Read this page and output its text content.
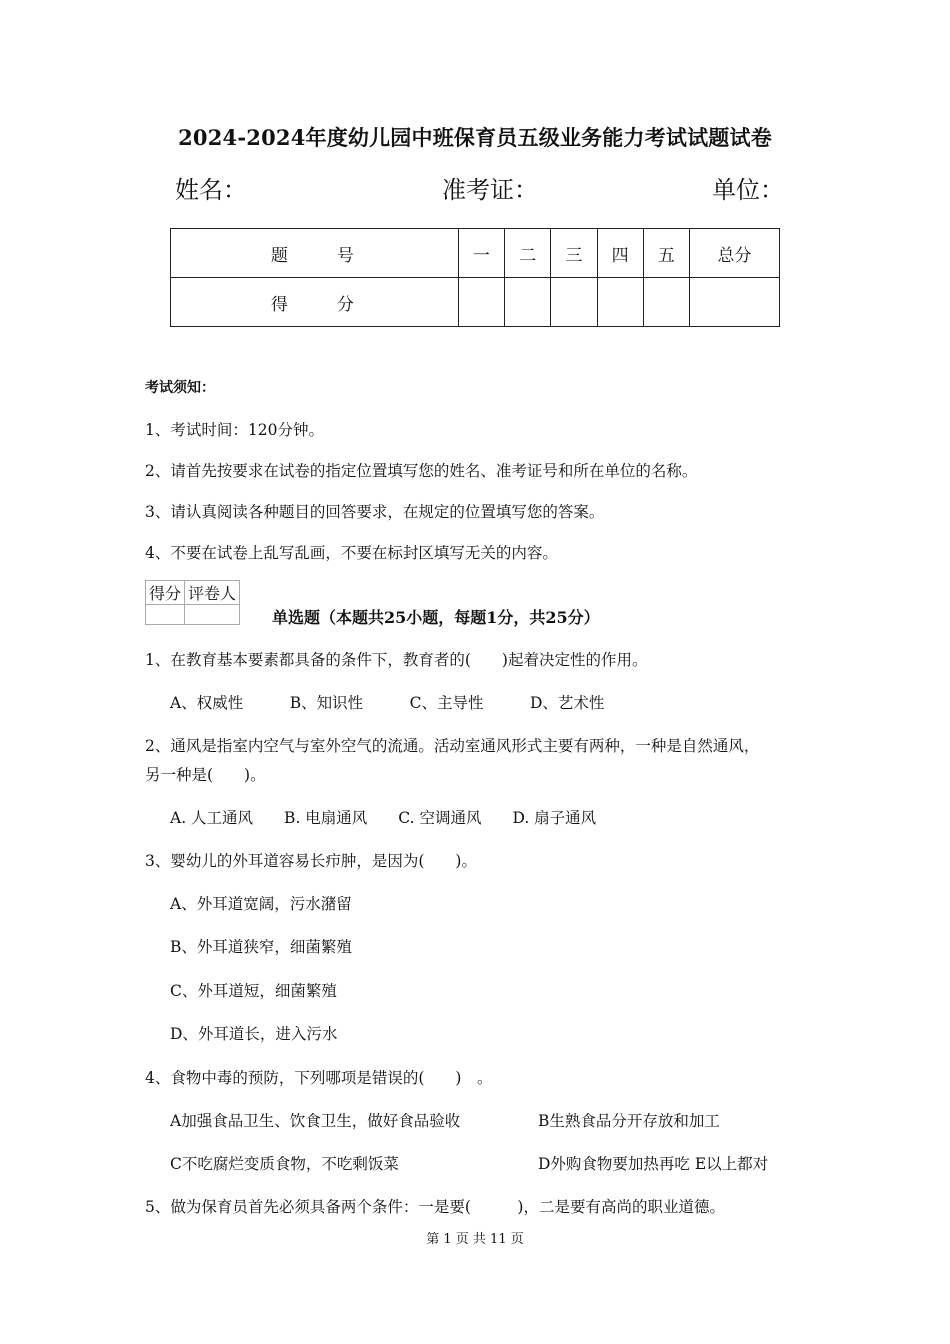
2024-2024年度幼儿园中班保育员五级业务能力考试试题试卷
姓名：	准考证：	单位：
题　号	一	二	三	四	五	总分
得　分						
考试须知：
1、考试时间：120分钟。
2、请首先按要求在试卷的指定位置填写您的姓名、准考证号和所在单位的名称。
3、请认真阅读各种题目的回答要求，在规定的位置填写您的答案。
4、不要在试卷上乱写乱画，不要在标封区填写无关的内容。
得分	评卷人

单选题（本题共25小题，每题1分，共25分）
1、在教育基本要素都具备的条件下，教育者的(　　)起着决定性的作用。
A、权威性　　　B、知识性　　　C、主导性　　　D、艺术性
2、通风是指室内空气与室外空气的流通。活动室通风形式主要有两种，一种是自然通风，
另一种是(　　)。
A. 人工通风　　B. 电扇通风　　C. 空调通风　　D. 扇子通风
3、婴幼儿的外耳道容易长疖肿，是因为(　　)。
A、外耳道宽阔，污水潴留
B、外耳道狭窄，细菌繁殖
C、外耳道短，细菌繁殖
D、外耳道长，进入污水
4、食物中毒的预防，下列哪项是错误的(　　)　。
A加强食品卫生、饮食卫生，做好食品验收	B生熟食品分开存放和加工
C不吃腐烂变质食物，不吃剩饭菜	D外购食物要加热再吃 E以上都对
5、做为保育员首先必须具备两个条件：一是要(　　　)，二是要有高尚的职业道德。
第 1 页 共 11 页
